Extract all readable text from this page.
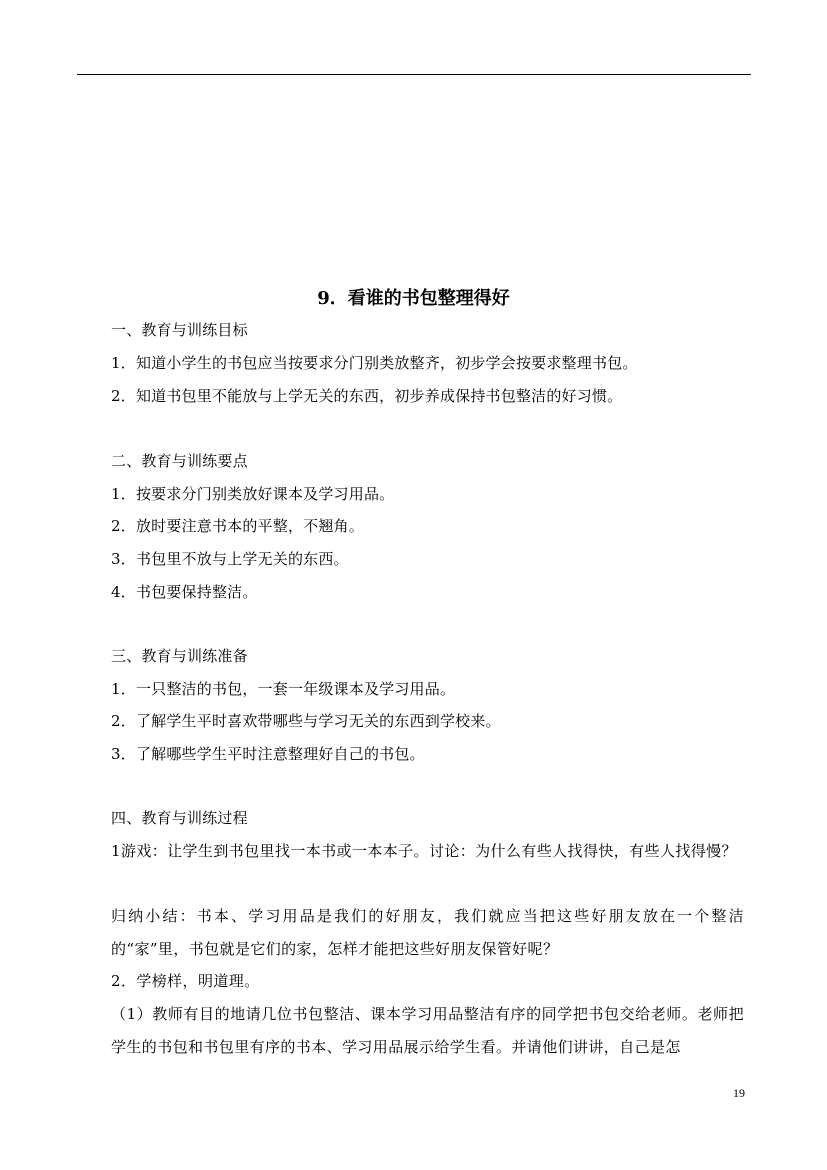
9．看谁的书包整理得好
一、教育与训练目标
1．知道小学生的书包应当按要求分门别类放整齐，初步学会按要求整理书包。
2．知道书包里不能放与上学无关的东西，初步养成保持书包整洁的好习惯。
二、教育与训练要点
1．按要求分门别类放好课本及学习用品。
2．放时要注意书本的平整，不翘角。
3．书包里不放与上学无关的东西。
4．书包要保持整洁。
三、教育与训练准备
1．一只整洁的书包，一套一年级课本及学习用品。
2．了解学生平时喜欢带哪些与学习无关的东西到学校来。
3．了解哪些学生平时注意整理好自己的书包。
四、教育与训练过程
1游戏：让学生到书包里找一本书或一本本子。讨论：为什么有些人找得快，有些人找得慢？
归纳小结：书本、学习用品是我们的好朋友，我们就应当把这些好朋友放在一个整洁的“家”里，书包就是它们的家，怎样才能把这些好朋友保管好呢？
2．学榜样，明道理。
（1）教师有目的地请几位书包整洁、课本学习用品整洁有序的同学把书包交给老师。老师把学生的书包和书包里有序的书本、学习用品展示给学生看。并请他们讲讲，自己是怎
19
